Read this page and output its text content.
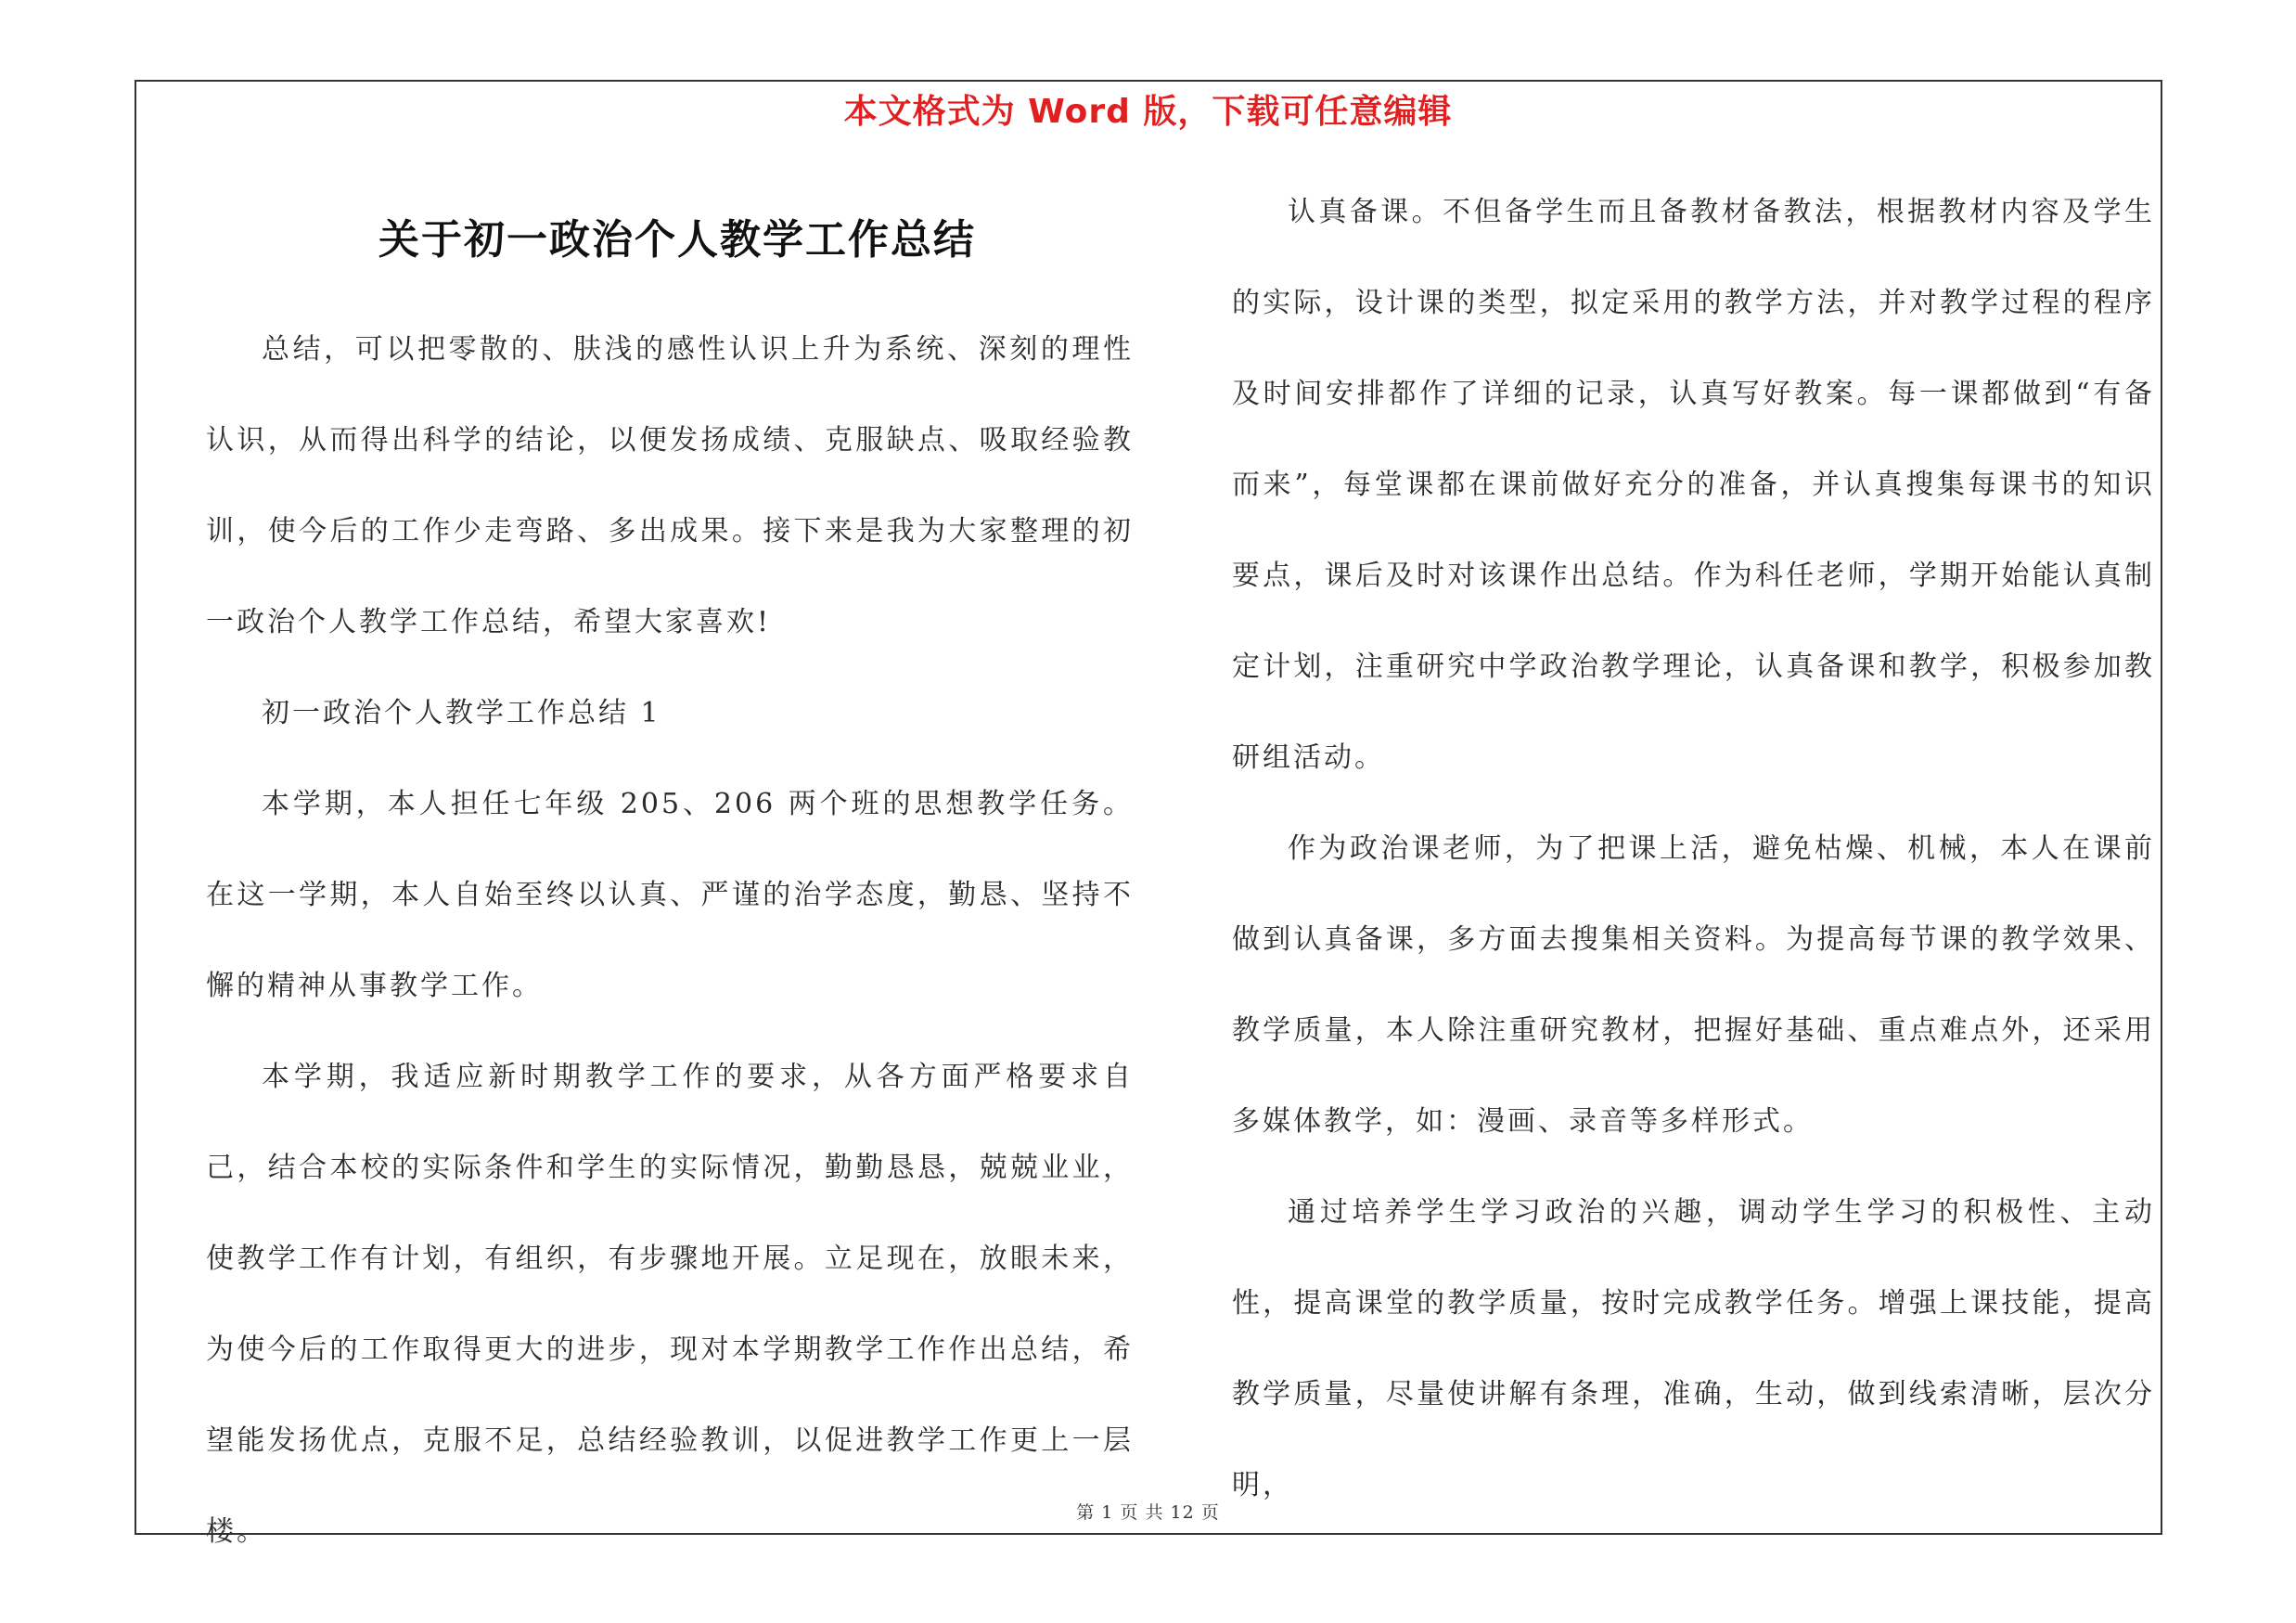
本文格式为 Word 版，下载可任意编辑
关于初一政治个人教学工作总结

总结，可以把零散的、肤浅的感性认识上升为系统、深刻的理性认识，从而得出科学的结论，以便发扬成绩、克服缺点、吸取经验教训，使今后的工作少走弯路、多出成果。接下来是我为大家整理的初一政治个人教学工作总结，希望大家喜欢!

初一政治个人教学工作总结 1

本学期，本人担任七年级 205、206 两个班的思想教学任务。在这一学期，本人自始至终以认真、严谨的治学态度，勤恳、坚持不懈的精神从事教学工作。

本学期，我适应新时期教学工作的要求，从各方面严格要求自己，结合本校的实际条件和学生的实际情况，勤勤恳恳，兢兢业业，使教学工作有计划，有组织，有步骤地开展。立足现在，放眼未来，为使今后的工作取得更大的进步，现对本学期教学工作作出总结，希望能发扬优点，克服不足，总结经验教训，以促进教学工作更上一层楼。

认真备课。不但备学生而且备教材备教法，根据教材内容及学生的实际，设计课的类型，拟定采用的教学方法，并对教学过程的程序及时间安排都作了详细的记录，认真写好教案。每一课都做到“有备而来”，每堂课都在课前做好充分的准备，并认真搜集每课书的知识要点，课后及时对该课作出总结。作为科任老师，学期开始能认真制定计划，注重研究中学政治教学理论，认真备课和教学，积极参加教研组活动。

作为政治课老师，为了把课上活，避免枯燥、机械，本人在课前做到认真备课，多方面去搜集相关资料。为提高每节课的教学效果、教学质量，本人除注重研究教材，把握好基础、重点难点外，还采用多媒体教学，如：漫画、录音等多样形式。

通过培养学生学习政治的兴趣，调动学生学习的积极性、主动性，提高课堂的教学质量，按时完成教学任务。增强上课技能，提高教学质量，尽量使讲解有条理，准确，生动，做到线索清晰，层次分明，

第 1 页 共 12 页
